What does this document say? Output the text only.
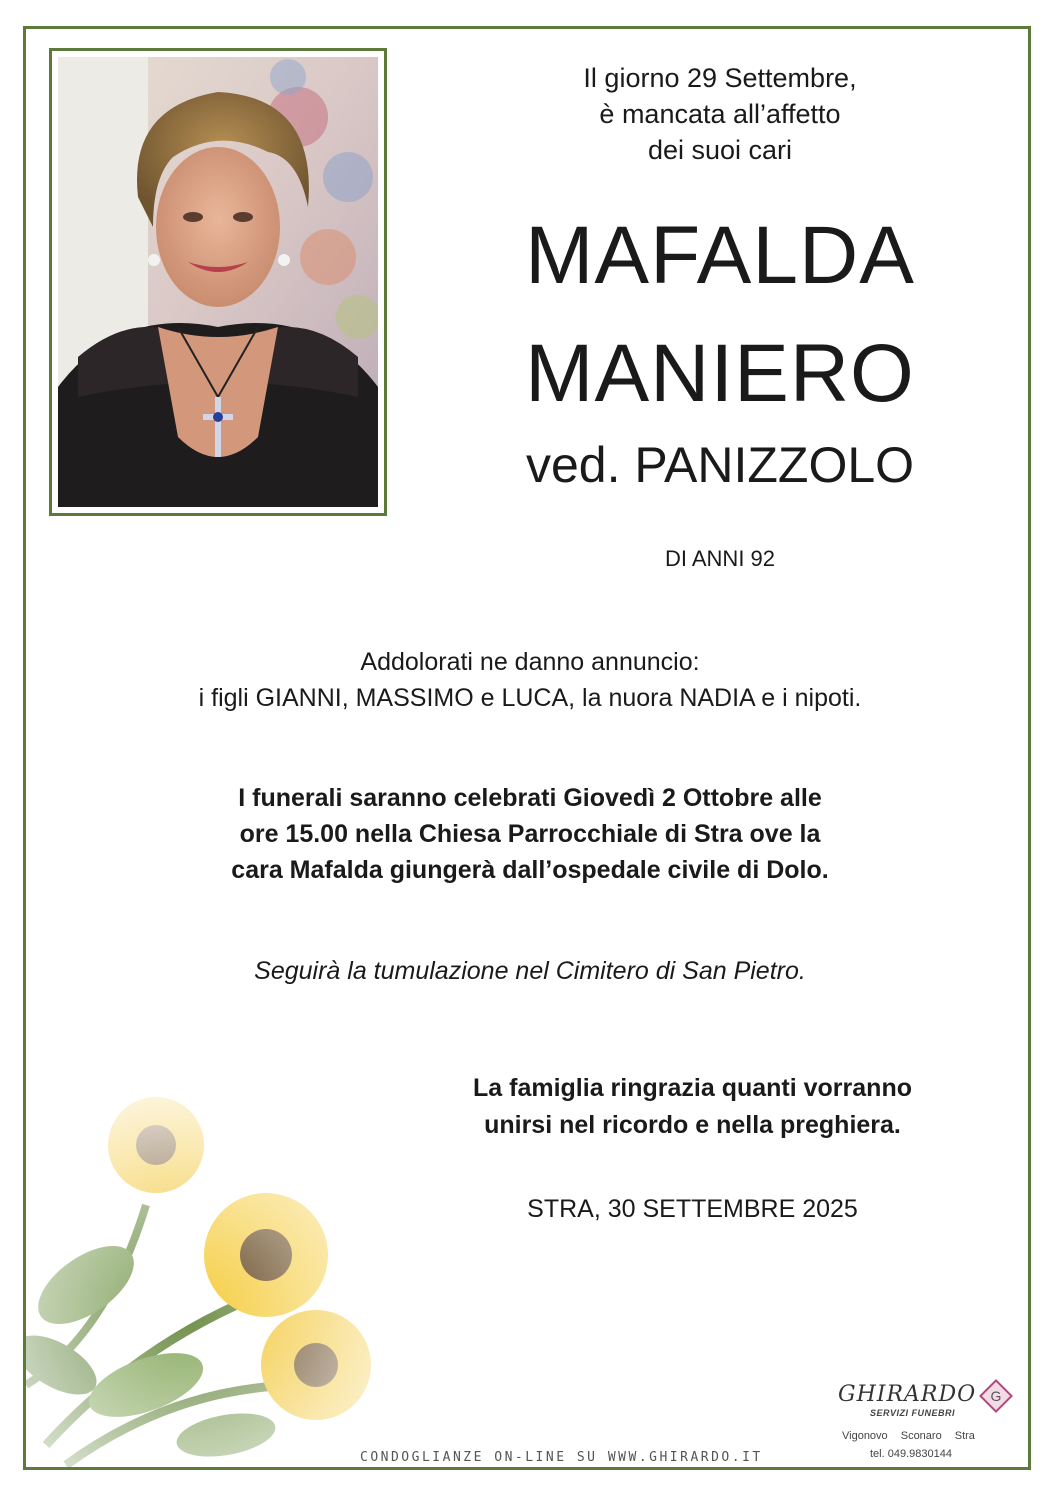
Il giorno 29 Settembre,
è mancata all’affetto
dei suoi cari
MAFALDA
MANIERO
ved. PANIZZOLO
DI ANNI 92
Addolorati ne danno annuncio:
i figli GIANNI, MASSIMO e LUCA, la nuora NADIA e i nipoti.
I funerali saranno celebrati Giovedì 2 Ottobre alle
ore 15.00 nella Chiesa Parrocchiale di Stra ove la
cara Mafalda giungerà dall’ospedale civile di Dolo.
Seguirà la tumulazione nel Cimitero di San Pietro.
La famiglia ringrazia quanti vorranno
unirsi nel ricordo e nella preghiera.
STRA, 30 SETTEMBRE 2025
CONDOGLIANZE ON-LINE SU WWW.GHIRARDO.IT
GHIRARDO
SERVIZI FUNEBRI
G
Vigonovo Sconaro Stra
tel. 049.9830144
